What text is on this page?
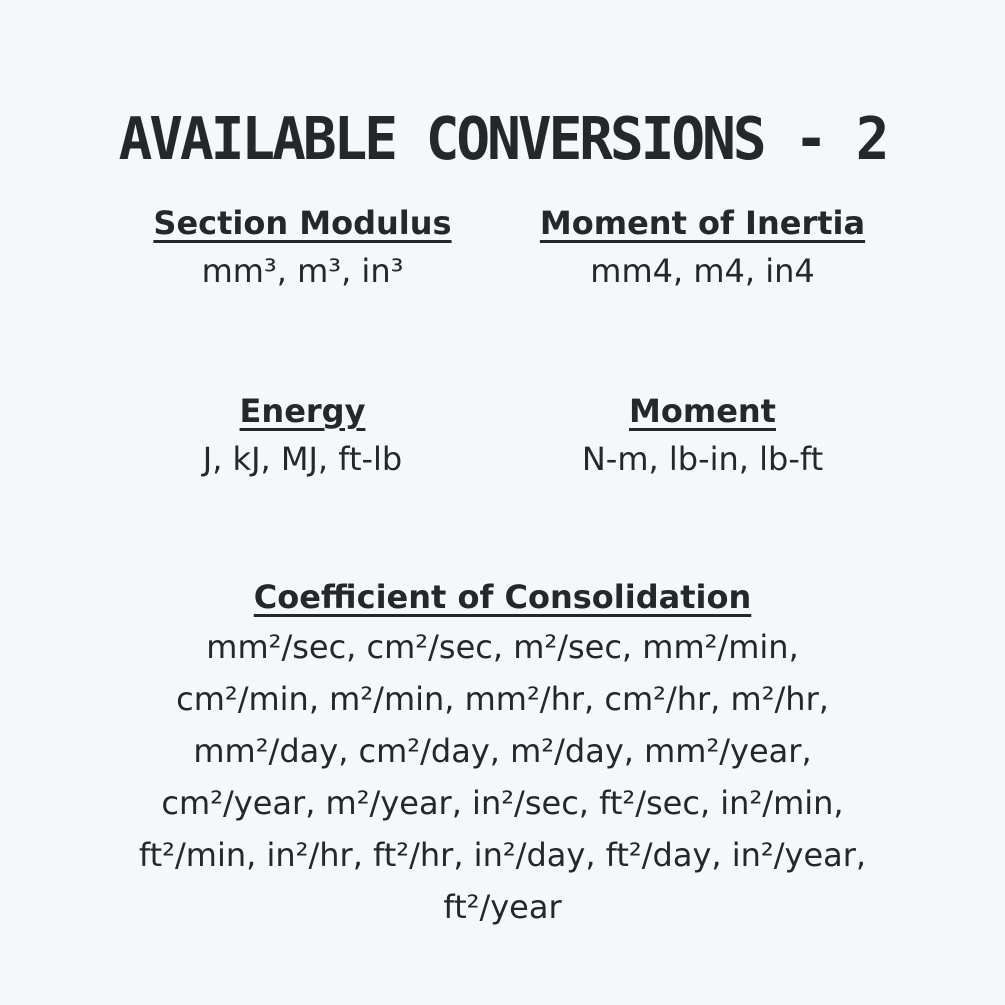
AVAILABLE CONVERSIONS - 2
Section Modulus
mm³, m³, in³
Moment of Inertia
mm4, m4, in4
Energy
J, kJ, MJ, ft-lb
Moment
N-m, lb-in, lb-ft
Coefficient of Consolidation
mm²/sec, cm²/sec, m²/sec, mm²/min,
cm²/min, m²/min, mm²/hr, cm²/hr, m²/hr,
mm²/day, cm²/day, m²/day, mm²/year,
cm²/year, m²/year, in²/sec, ft²/sec, in²/min,
ft²/min, in²/hr, ft²/hr, in²/day, ft²/day, in²/year,
ft²/year
